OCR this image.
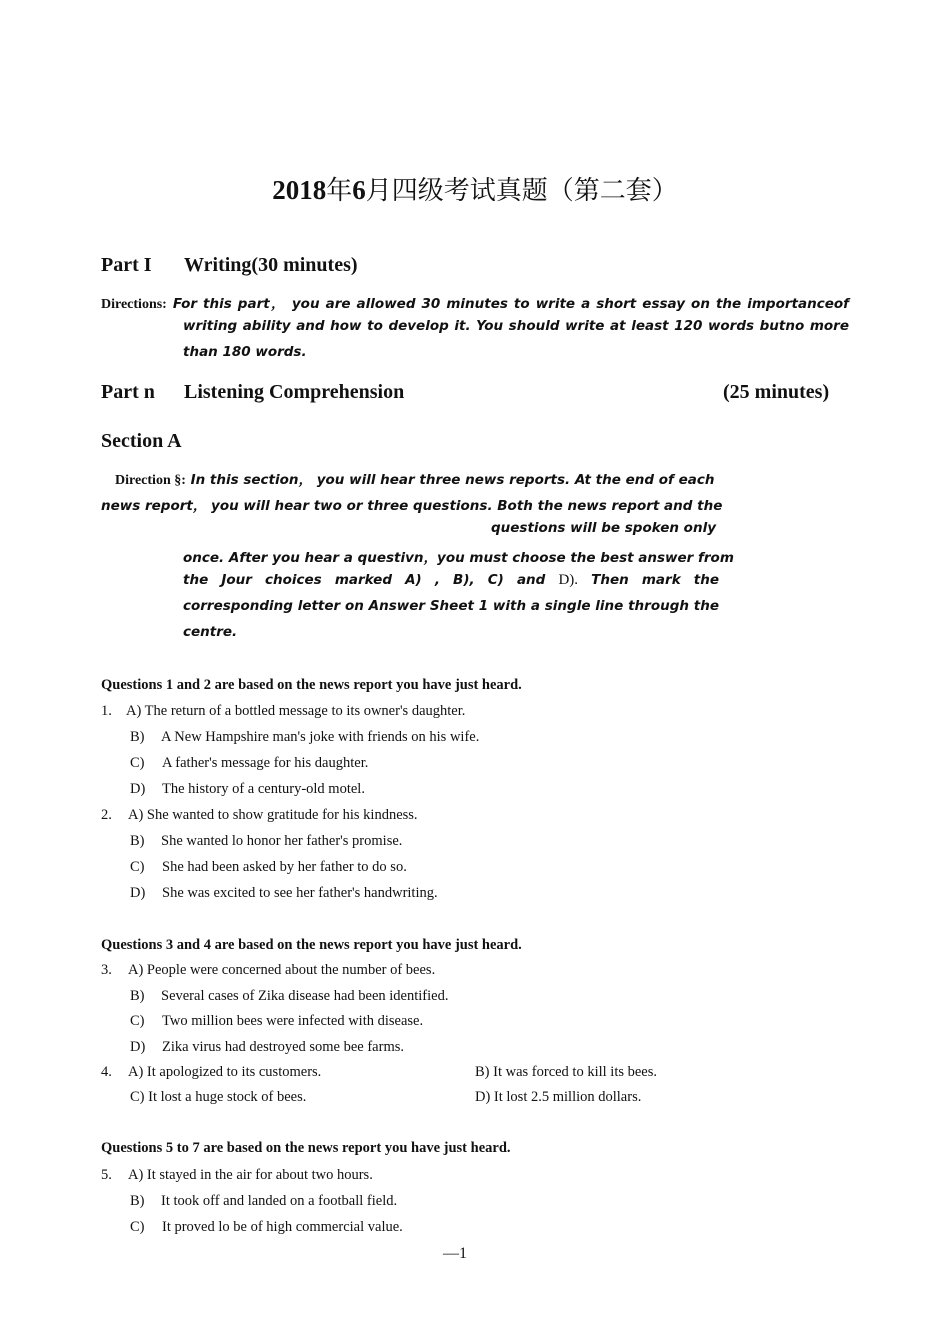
2018年6月四级考试真题（第二套）
Part I Writing(30 minutes)
Directions: For this part， you are allowed 30 minutes to write a short essay on the importanceof
writing ability and how to develop it. You should write at least 120 words butno more
than 180 words.
Part n Listening Comprehension	(25 minutes)
Section A
Direction §: In this section， you will hear three news reports. At the end of each
news report， you will hear two or three questions. Both the news report and the
questions will be spoken only
once. After you hear a questivn，you must choose the best answer from
the Jour choices marked A) , B), C) and D). Then mark the
corresponding letter on Answer Sheet 1 with a single line through the
centre.
Questions 1 and 2 are based on the news report you have just heard.
1. A) The return of a bottled message to its owner's daughter.
B) A New Hampshire man's joke with friends on his wife.
C) A father's message for his daughter.
D) The history of a century-old motel.
2. A) She wanted to show gratitude for his kindness.
B) She wanted lo honor her father's promise.
C) She had been asked by her father to do so.
D) She was excited to see her father's handwriting.
Questions 3 and 4 are based on the news report you have just heard.
3. A) People were concerned about the number of bees.
B) Several cases of Zika disease had been identified.
C) Two million bees were infected with disease.
D) Zika virus had destroyed some bee farms.
4. A) It apologized to its customers.	B) It was forced to kill its bees.
C) It lost a huge stock of bees.	D) It lost 2.5 million dollars.
Questions 5 to 7 are based on the news report you have just heard.
5. A) It stayed in the air for about two hours.
B) It took off and landed on a football field.
C) It proved lo be of high commercial value.
—1
